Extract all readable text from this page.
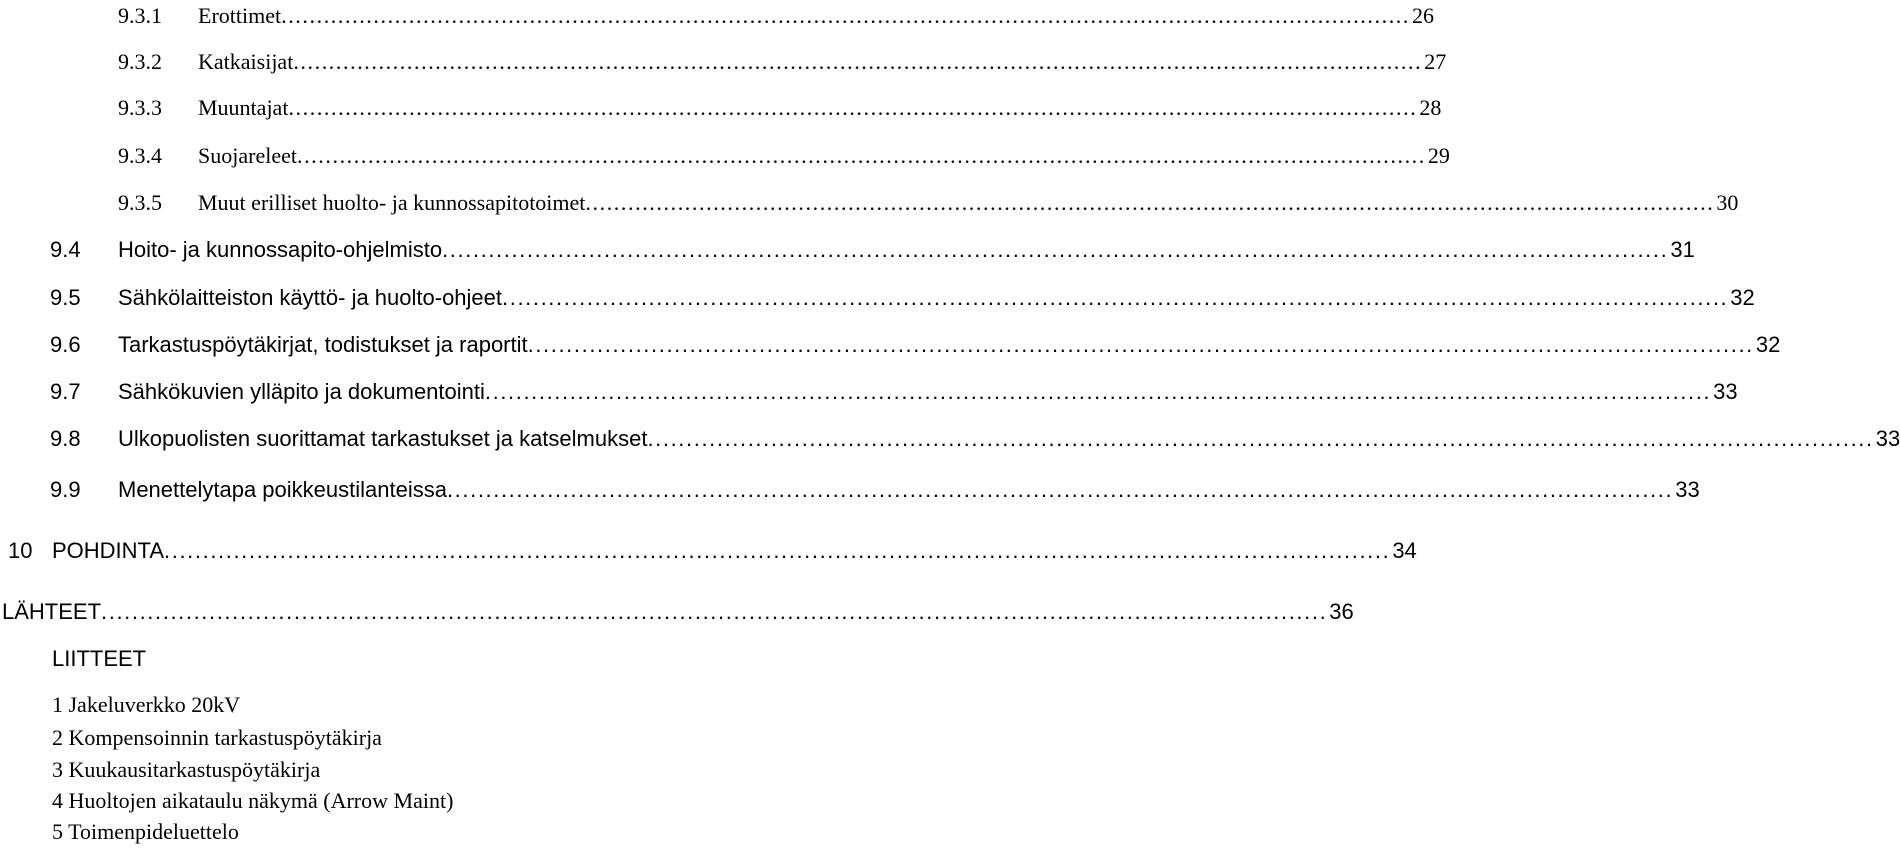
9.3.1 Erottimet ............................................................................................................................................................... 26
9.3.2 Katkaisijat ............................................................................................................................................................... 27
9.3.3 Muuntajat ............................................................................................................................................................... 28
9.3.4 Suojareleet ............................................................................................................................................................... 29
9.3.5 Muut erilliset huolto- ja kunnossapitotoimet ............................................................................................................................................................... 30
9.4 Hoito- ja kunnossapito-ohjelmisto ............................................................................................................................................................... 31
9.5 Sähkölaitteiston käyttö- ja huolto-ohjeet ............................................................................................................................................................... 32
9.6 Tarkastuspöytäkirjat, todistukset ja raportit ............................................................................................................................................................... 32
9.7 Sähkökuvien ylläpito ja dokumentointi ............................................................................................................................................................... 33
9.8 Ulkopuolisten suorittamat tarkastukset ja katselmukset ............................................................................................................................................................... 33
9.9 Menettelytapa poikkeustilanteissa ............................................................................................................................................................... 33
10 POHDINTA ............................................................................................................................................................... 34
LÄHTEET ............................................................................................................................................................... 36
LIITTEET
1 Jakeluverkko 20kV
2 Kompensoinnin tarkastuspöytäkirja
3 Kuukausitarkastuspöytäkirja
4 Huoltojen aikataulu näkymä (Arrow Maint)
5 Toimenpideluettelo
